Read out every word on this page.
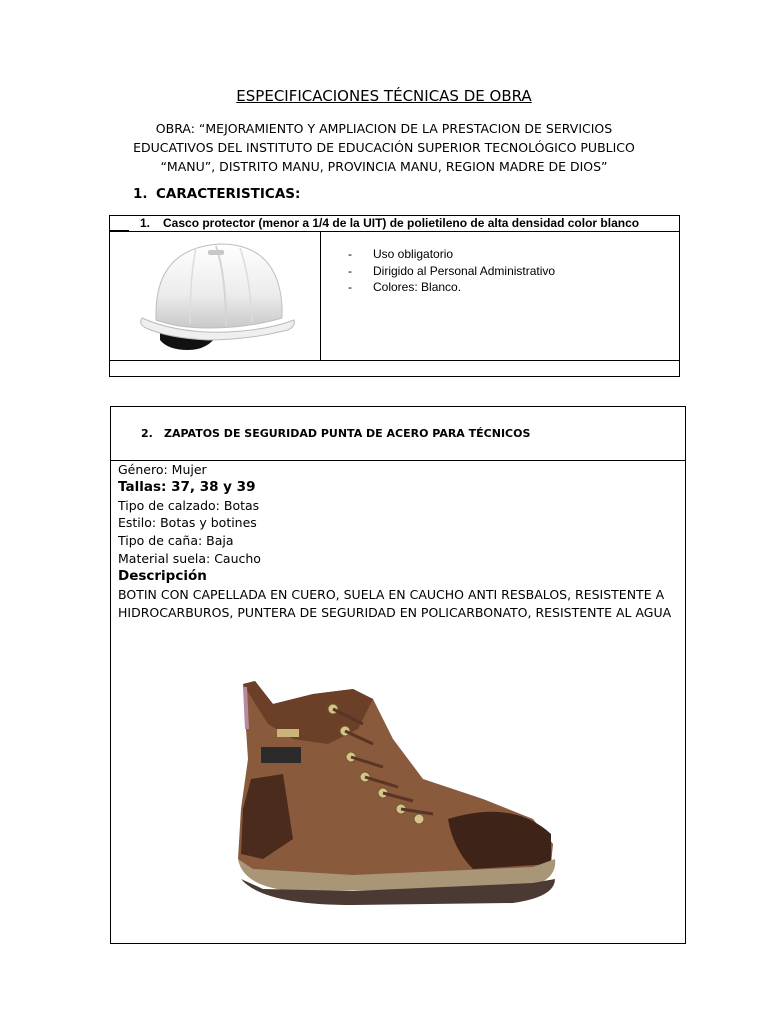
ESPECIFICACIONES TÉCNICAS DE OBRA
OBRA: “MEJORAMIENTO Y AMPLIACION DE LA PRESTACION DE SERVICIOS
EDUCATIVOS DEL INSTITUTO DE EDUCACIÓN SUPERIOR TECNOLÓGICO PUBLICO
“MANU”, DISTRITO MANU, PROVINCIA MANU, REGION MADRE DE DIOS”
1. CARACTERISTICAS:
1. Casco protector (menor a 1/4 de la UIT) de polietileno de alta densidad color blanco
- Uso obligatorio
- Dirigido al Personal Administrativo
- Colores: Blanco.
2. ZAPATOS DE SEGURIDAD PUNTA DE ACERO PARA TÉCNICOS
Género: Mujer
Tallas: 37, 38 y 39
Tipo de calzado: Botas
Estilo: Botas y botines
Tipo de caña: Baja
Material suela: Caucho
Descripción
BOTIN CON CAPELLADA EN CUERO, SUELA EN CAUCHO ANTI RESBALOS, RESISTENTE A
HIDROCARBUROS, PUNTERA DE SEGURIDAD EN POLICARBONATO, RESISTENTE AL AGUA
